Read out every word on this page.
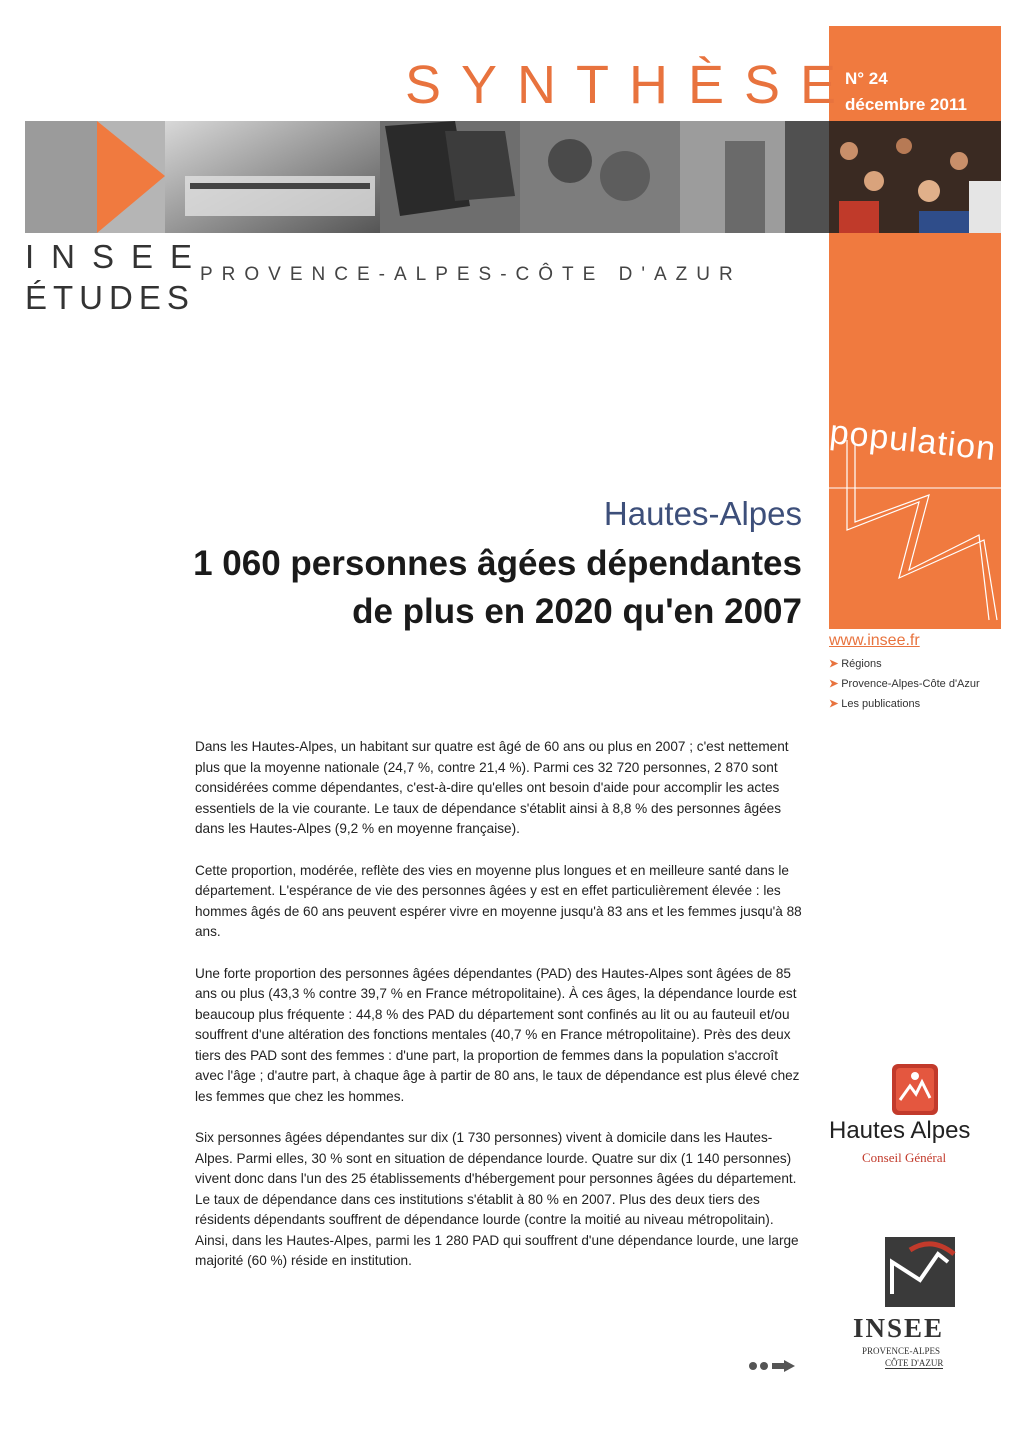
SYNTHÈSE
N° 24
décembre 2011
INSEE
ÉTUDES
PROVENCE-ALPES-CÔTE D'AZUR
population
Hautes-Alpes
1 060 personnes âgées dépendantes
de plus en 2020 qu'en 2007
www.insee.fr
➤ Régions
➤ Provence-Alpes-Côte d'Azur
➤ Les publications

Dans les Hautes-Alpes, un habitant sur quatre est âgé de 60 ans ou plus en 2007 ; c'est nettement plus que la moyenne nationale (24,7 %, contre 21,4 %). Parmi ces 32 720 personnes, 2 870 sont considérées comme dépendantes, c'est-à-dire qu'elles ont besoin d'aide pour accomplir les actes essentiels de la vie courante. Le taux de dépendance s'établit ainsi à 8,8 % des personnes âgées dans les Hautes-Alpes (9,2 % en moyenne française).

Cette proportion, modérée, reflète des vies en moyenne plus longues et en meilleure santé dans le département. L'espérance de vie des personnes âgées y est en effet particulièrement élevée : les hommes âgés de 60 ans peuvent espérer vivre en moyenne jusqu'à 83 ans et les femmes jusqu'à 88 ans.

Une forte proportion des personnes âgées dépendantes (PAD) des Hautes-Alpes sont âgées de 85 ans ou plus (43,3 % contre 39,7 % en France métropolitaine). À ces âges, la dépendance lourde est beaucoup plus fréquente : 44,8 % des PAD du département sont confinés au lit ou au fauteuil et/ou souffrent d'une altération des fonctions mentales (40,7 % en France métropolitaine). Près des deux tiers des PAD sont des femmes : d'une part, la proportion de femmes dans la population s'accroît avec l'âge ; d'autre part, à chaque âge à partir de 80 ans, le taux de dépendance est plus élevé chez les femmes que chez les hommes.

Six personnes âgées dépendantes sur dix (1 730 personnes) vivent à domicile dans les Hautes-Alpes. Parmi elles, 30 % sont en situation de dépendance lourde. Quatre sur dix (1 140 personnes) vivent donc dans l'un des 25 établissements d'hébergement pour personnes âgées du département. Le taux de dépendance dans ces institutions s'établit à 80 % en 2007. Plus des deux tiers des résidents dépendants souffrent de dépendance lourde (contre la moitié au niveau métropolitain). Ainsi, dans les Hautes-Alpes, parmi les 1 280 PAD qui souffrent d'une dépendance lourde, une large majorité (60 %) réside en institution.

Hautes Alpes
Conseil Général
INSEE
PROVENCE-ALPES
CÔTE D'AZUR
